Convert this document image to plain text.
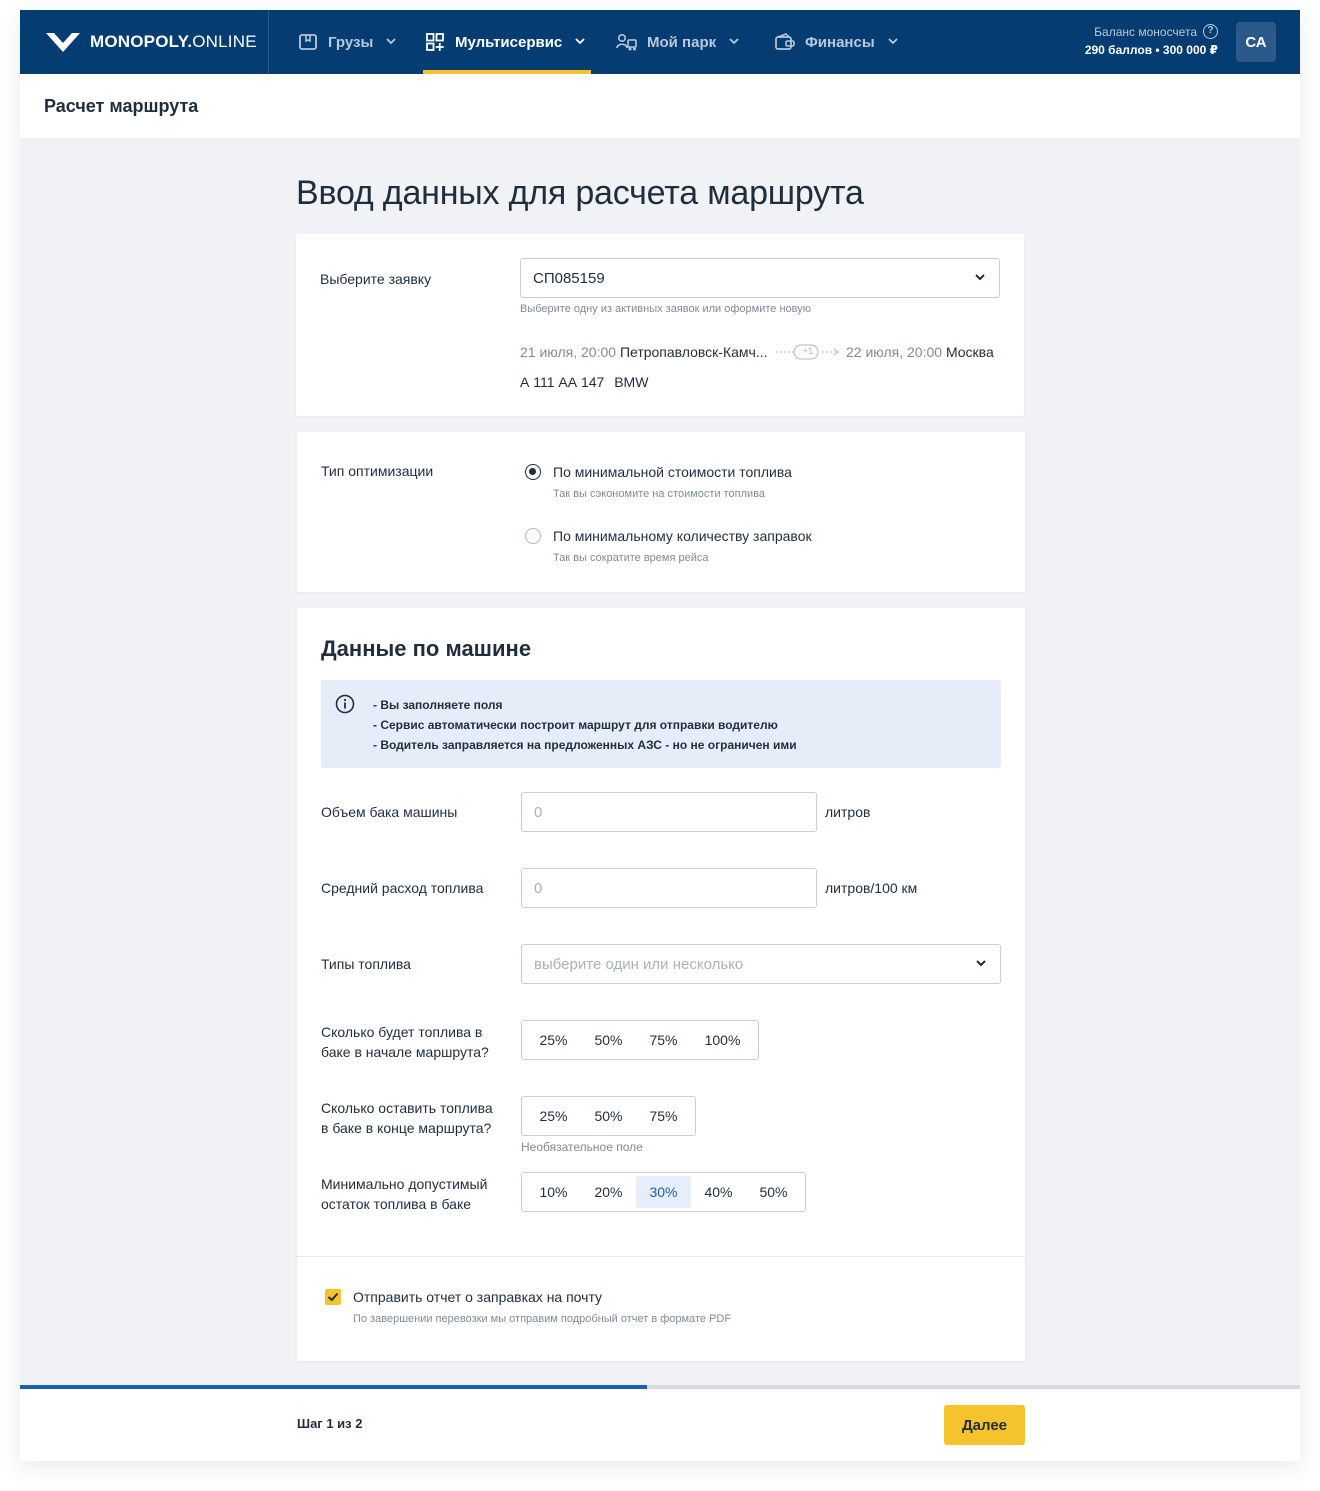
MONOPOLY.ONLINE	Грузы	Мультисервис	Мой парк	Финансы
Баланс моносчета	?
290 баллов • 300 000 ₽	СА
Расчет маршрута
Ввод данных для расчета маршрута
Выберите заявку	СП085159
Выберите одну из активных заявок или оформите новую
21 июля, 20:00 Петропавловск-Камч...	+1	22 июля, 20:00 Москва
А 111 АА 147 BMW
Тип оптимизации	По минимальной стоимости топлива
Так вы сэкономите на стоимости топлива
По минимальному количеству заправок
Так вы сократите время рейса
Данные по машине
- Вы заполняете поля
- Сервис автоматически построит маршрут для отправки водителю
- Водитель заправляется на предложенных АЗС - но не ограничен ими
Объем бака машины	0	литров
Средний расход топлива	0	литров/100 км
Типы топлива	выберите один или несколько
Сколько будет топлива в
баке в начале маршрута?
25%	50%	75%	100%
Сколько оставить топлива
в баке в конце маршрута?
25%	50%	75%
Необязательное поле
Минимально допустимый
остаток топлива в баке
10%	20%	30%	40%	50%
Отправить отчет о заправках на почту
По завершении перевозки мы отправим подробный отчет в формате PDF
Шаг 1 из 2	Далее
